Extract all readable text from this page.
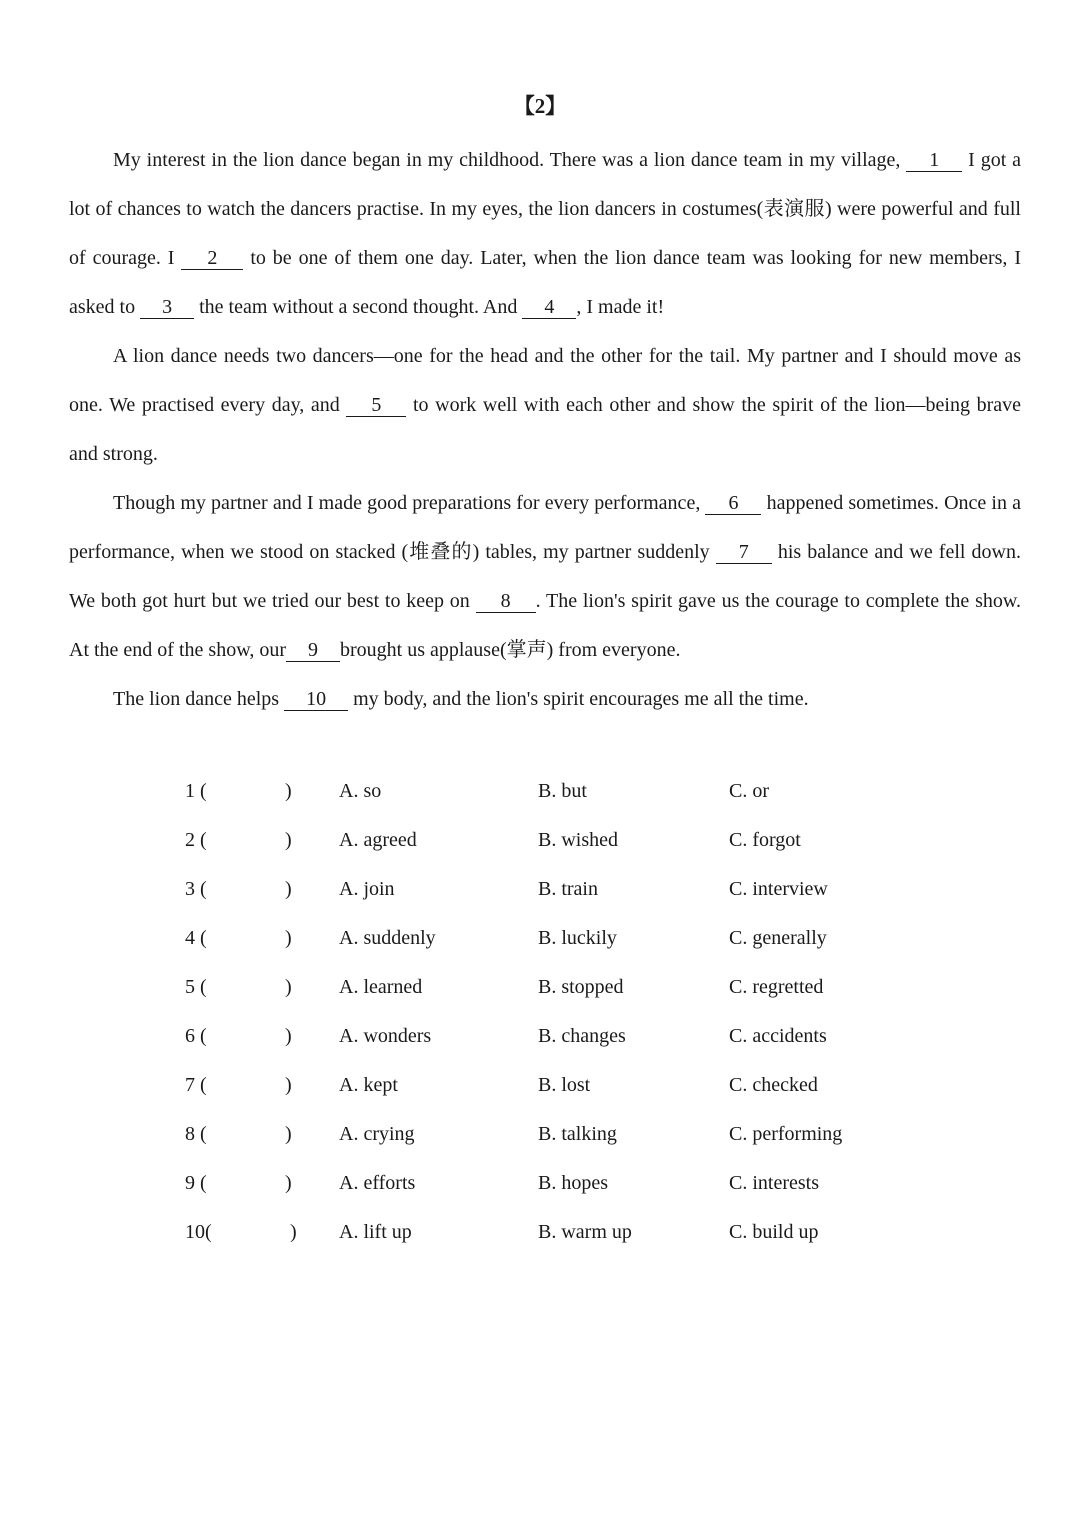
【2】

My interest in the lion dance began in my childhood. There was a lion dance team in my village, 1 I got a lot of chances to watch the dancers practise. In my eyes, the lion dancers in costumes(表演服) were powerful and full of courage. I 2 to be one of them one day. Later, when the lion dance team was looking for new members, I asked to 3 the team without a second thought. And 4 , I made it!

A lion dance needs two dancers—one for the head and the other for the tail. My partner and I should move as one. We practised every day, and 5 to work well with each other and show the spirit of the lion—being brave and strong.

Though my partner and I made good preparations for every performance, 6 happened sometimes. Once in a performance, when we stood on stacked (堆叠的) tables, my partner suddenly 7 his balance and we fell down. We both got hurt but we tried our best to keep on 8 . The lion's spirit gave us the courage to complete the show. At the end of the show, our 9 brought us applause(掌声) from everyone.

The lion dance helps 10 my body, and the lion's spirit encourages me all the time.

1 (	) A. so	B. but	C. or
2 (	) A. agreed	B. wished	C. forgot
3 (	) A. join	B. train	C. interview
4 (	) A. suddenly	B. luckily	C. generally
5 (	) A. learned	B. stopped	C. regretted
6 (	) A. wonders	B. changes	C. accidents
7 (	) A. kept	B. lost	C. checked
8 (	) A. crying	B. talking	C. performing
9 (	) A. efforts	B. hopes	C. interests
10(	) A. lift up	B. warm up	C. build up
